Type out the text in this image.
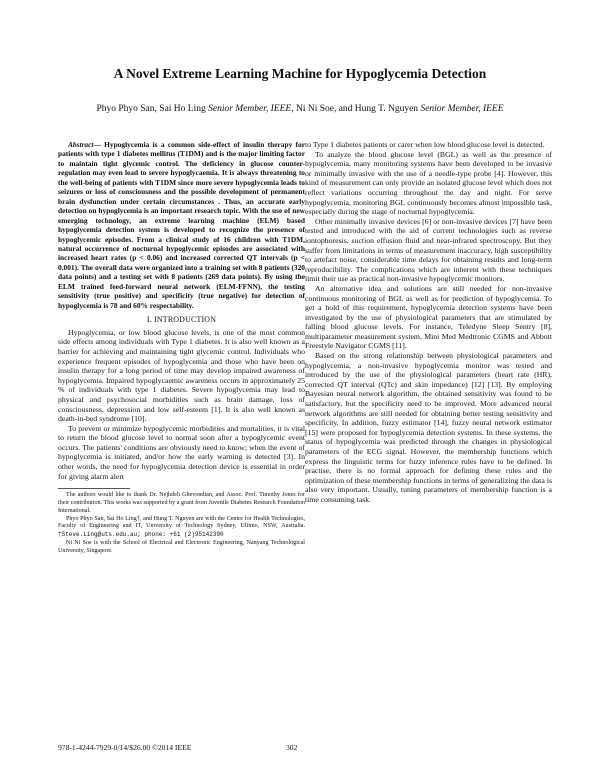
A Novel Extreme Learning Machine for Hypoglycemia Detection

Phyo Phyo San, Sai Ho Ling Senior Member, IEEE, Ni Ni Soe, and Hung T. Nguyen Senior Member, IEEE

Abstract— Hypoglycemia is a common side-effect of insulin therapy for patients with type 1 diabetes mellitus (T1DM) and is the major limiting factor to maintain tight glycemic control. The deficiency in glucose counter-regulation may even lead to severe hypoglycaemia. It is always threatening to the well-being of patients with T1DM since more severe hypoglycemia leads to seizures or loss of consciousness and the possible development of permanent brain dysfunction under certain circumstances . Thus, an accurate early detection on hypoglycemia is an important research topic. With the use of new emerging technology, an extreme learning machine (ELM) based hypoglycemia detection system is developed to recognize the presence of hypoglycemic episodes. From a clinical study of 16 children with T1DM, natural occurrence of nocturnal hypoglycemic episodes are associated with increased heart rates (p < 0.06) and increased corrected QT intervals (p < 0.001). The overall data were organized into a training set with 8 patients (320 data points) and a testing set with 8 patients (269 data points). By using the ELM trained feed-forward neural network (ELM-FFNN), the testing sensitivity (true positive) and specificity (true negative) for detection of hypoglycemia is 78 and 60% respectability.

I. INTRODUCTION

Hypoglycemia, or low blood glucose levels, is one of the most common side effects among individuals with Type 1 diabetes. It is also well known as a barrier for achieving and maintaining tight glycemic control. Individuals who experience frequent episodes of hypoglycemia and those who have been on insulin therapy for a long period of time may develop impaired awareness of hypoglycemia. Impaired hypoglycaemic awareness occurs in approximately 25 % of individuals with type 1 diabetes. Severe hypoglycemia may lead to physical and psychosocial morbidities such as brain damage, loss of consciousness, depression and low self-esteem [1]. It is also well known as death-in-bed syndrome [10].

To prevent or minimize hypoglycemic morbidities and mortalities, it is vital to return the blood glucose level to normal soon after a hypoglycemic event occurs. The patients' conditions are obviously need to know; when the event of hypoglycemia is initiated, and/or how the early warning is detected [3]. In other words, the need for hypoglycemia detection device is essential in order for giving alarm alert

The authors would like to thank Dr. Nejhdeh Ghevondian, and Assoc. Prof. Timothy Jones for their contribution. This works was supported by a grant from Juvenile Diabetes Research Foundation International.

Phyo Phyo San, Sai Ho Ling†, and Hung T. Nguyen are with the Centre for Health Technologies, Faculty of Engineering and IT, University of Technology Sydney, Ultimo, NSW, Australia. †Steve.Ling@uts.edu.au; phone: +61 (2)95142390

Ni Ni Soe is with the School of Electrical and Electronic Engineering, Nanyang Technological University, Singapore.

to Type 1 diabetes patients or carer when low blood glucose level is detected.

To analyze the blood glucose level (BGL) as well as the presence of hypoglycemia, many monitoring systems have been developed to be invasive or minimally invasive with the use of a needle-type probe [4]. However, this kind of measurement can only provide an isolated glucose level which does not reflect variations occurring throughout the day and night. For serve hypoglycemia, monitoring BGL continuously becomes almost impossible task, especially during the stage of nocturnal hypoglycemia.

Other minimally invasive devices [6] or non-invasive devices [7] have been tested and introduced with the aid of current technologies such as reverse iontophoresis, suction effusion fluid and near-infrared spectroscopy. But they suffer from limitations in terms of measurement inaccuracy, high susceptibility to artefact noise, considerable time delays for obtaining results and long-term reproducibility. The complications which are inherent with these techniques limit their use as practical non-invasive hypoglycemic monitors.

An alternative idea and solutions are still needed for non-invasive continuous monitoring of BGL as well as for prediction of hypoglycemia. To get a hold of this requirement, hypoglycemia detection systems have been investigated by the use of physiological parameters that are stimulated by falling blood glucose levels. For instance, Teledyne Sleep Sentry [8], multiparameter measurement system, Mini Med Medtronic CGMS and Abbott Freestyle Navigator CGMS [11].

Based on the strong relationship between physiological parameters and hypoglycemia, a non-invasive hypoglycemia monitor was tested and introduced by the use of the physiological parameters (heart rate (HR), corrected QT interval (QTc) and skin impedance) [12] [13]. By employing Bayesian neural network algorithm, the obtained sensitivity was found to be satisfactory, but the specificity need to be improved. More advanced neural network algorithms are still needed for obtaining better testing sensitivity and specificity. In addition, fuzzy estimator [14], fuzzy neural network estimator [15] were proposed for hypoglycemia detection systems. In these systems, the status of hypoglycemia was predicted through the changes in physiological parameters of the ECG signal. However, the membership functions which express the linguistic terms for fuzzy inference rules have to be defined. In practise, there is no formal approach for defining these rules and the optimization of these membership functions in terms of generalizing the data is also very important. Usually, tuning parameters of membership function is a time consuming task.

978-1-4244-7929-0/14/$26.00 ©2014 IEEE	302
